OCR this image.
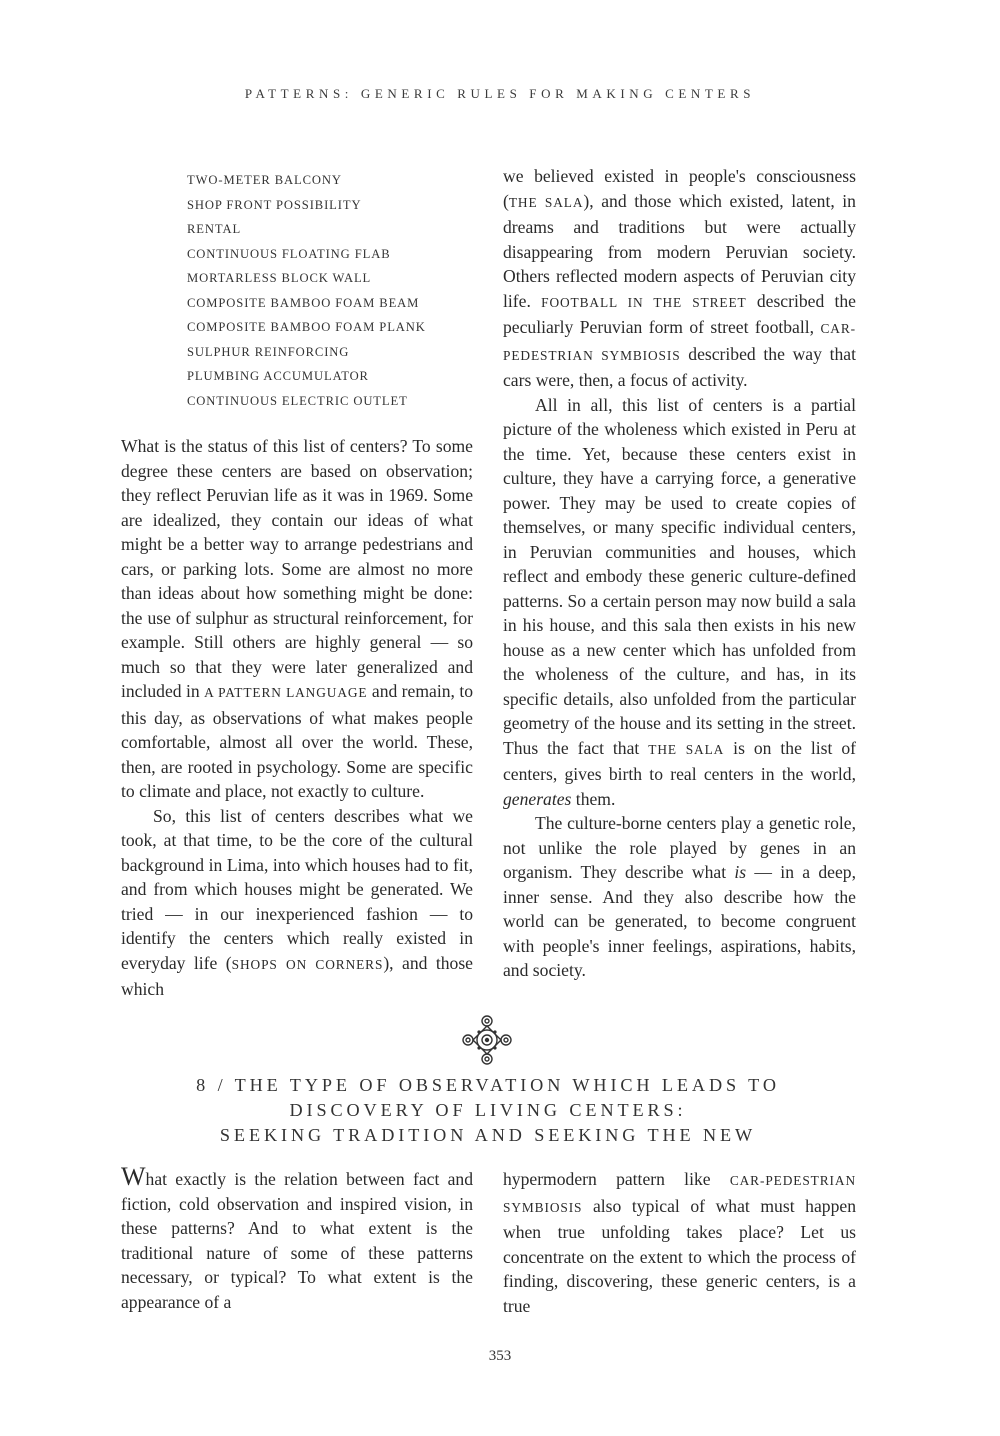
PATTERNS: GENERIC RULES FOR MAKING CENTERS
TWO-METER BALCONY
SHOP FRONT POSSIBILITY
RENTAL
CONTINUOUS FLOATING FLAB
MORTARLESS BLOCK WALL
COMPOSITE BAMBOO FOAM BEAM
COMPOSITE BAMBOO FOAM PLANK
SULPHUR REINFORCING
PLUMBING ACCUMULATOR
CONTINUOUS ELECTRIC OUTLET

What is the status of this list of centers? To some degree these centers are based on observation; they reflect Peruvian life as it was in 1969. Some are idealized, they contain our ideas of what might be a better way to arrange pedestrians and cars, or parking lots. Some are almost no more than ideas about how something might be done: the use of sulphur as structural reinforcement, for example. Still others are highly general — so much so that they were later generalized and included in A PATTERN LANGUAGE and remain, to this day, as observations of what makes people comfortable, almost all over the world. These, then, are rooted in psychology. Some are specific to climate and place, not exactly to culture.

So, this list of centers describes what we took, at that time, to be the core of the cultural background in Lima, into which houses had to fit, and from which houses might be generated. We tried — in our inexperienced fashion — to identify the centers which really existed in everyday life (SHOPS ON CORNERS), and those which

we believed existed in people's consciousness (THE SALA), and those which existed, latent, in dreams and traditions but were actually disappearing from modern Peruvian society. Others reflected modern aspects of Peruvian city life. FOOTBALL IN THE STREET described the peculiarly Peruvian form of street football, CAR-PEDESTRIAN SYMBIOSIS described the way that cars were, then, a focus of activity.

All in all, this list of centers is a partial picture of the wholeness which existed in Peru at the time. Yet, because these centers exist in culture, they have a carrying force, a generative power. They may be used to create copies of themselves, or many specific individual centers, in Peruvian communities and houses, which reflect and embody these generic culture-defined patterns. So a certain person may now build a sala in his house, and this sala then exists in his new house as a new center which has unfolded from the wholeness of the culture, and has, in its specific details, also unfolded from the particular geometry of the house and its setting in the street. Thus the fact that THE SALA is on the list of centers, gives birth to real centers in the world, generates them.

The culture-borne centers play a genetic role, not unlike the role played by genes in an organism. They describe what is — in a deep, inner sense. And they also describe how the world can be generated, to become congruent with people's inner feelings, aspirations, habits, and society.

8 / THE TYPE OF OBSERVATION WHICH LEADS TO
DISCOVERY OF LIVING CENTERS:
SEEKING TRADITION AND SEEKING THE NEW

What exactly is the relation between fact and fiction, cold observation and inspired vision, in these patterns? And to what extent is the traditional nature of some of these patterns necessary, or typical? To what extent is the appearance of a

hypermodern pattern like CAR-PEDESTRIAN SYMBIOSIS also typical of what must happen when true unfolding takes place? Let us concentrate on the extent to which the process of finding, discovering, these generic centers, is a true

353
